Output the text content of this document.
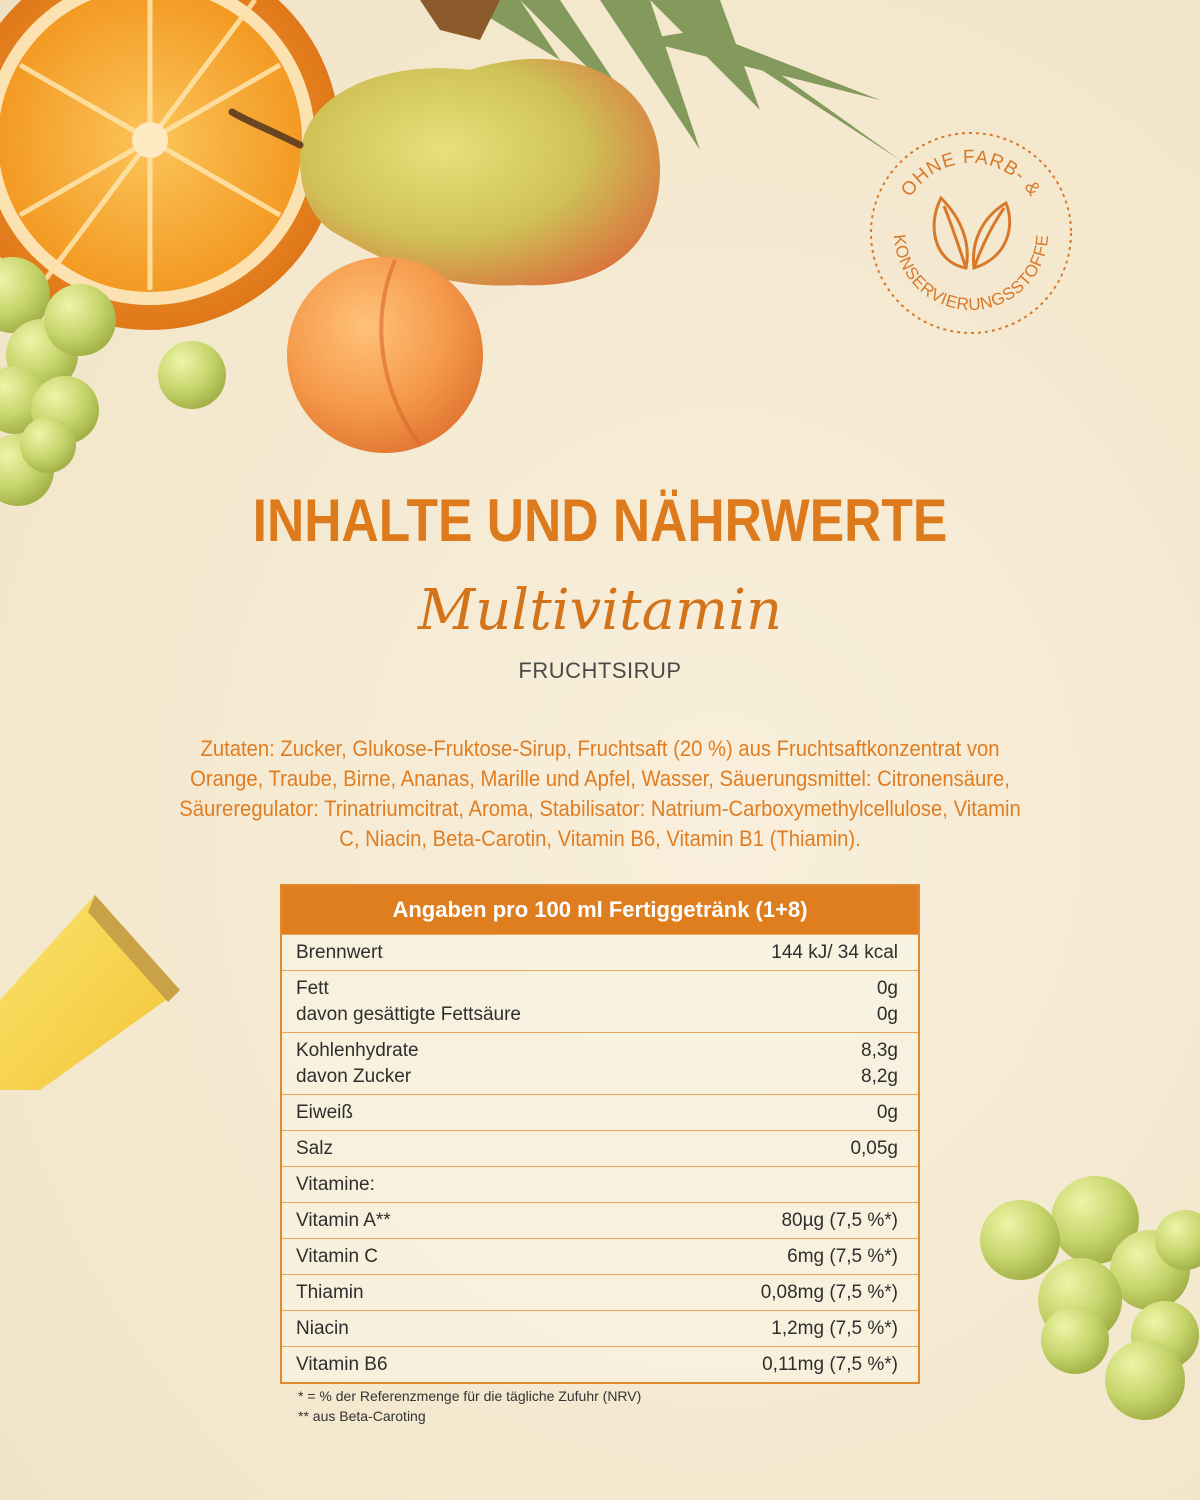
OHNE FARB- &
KONSERVIERUNGSSTOFFE
INHALTE UND NÄHRWERTE
Multivitamin
FRUCHTSIRUP
Zutaten: Zucker, Glukose-Fruktose-Sirup, Fruchtsaft (20 %) aus Fruchtsaftkonzentrat von Orange, Traube, Birne, Ananas, Marille und Apfel, Wasser, Säuerungsmittel: Citronensäure, Säureregulator: Trinatriumcitrat, Aroma, Stabilisator: Natrium-Carboxymethylcellulose, Vitamin C, Niacin, Beta-Carotin, Vitamin B6, Vitamin B1 (Thiamin).
Angaben pro 100 ml Fertiggetränk (1+8)
Brennwert	144 kJ/ 34 kcal
Fett	0g
davon gesättigte Fettsäure	0g
Kohlenhydrate	8,3g
davon Zucker	8,2g
Eiweiß	0g
Salz	0,05g
Vitamine:
Vitamin A**	80µg (7,5 %*)
Vitamin C	6mg (7,5 %*)
Thiamin	0,08mg (7,5 %*)
Niacin	1,2mg (7,5 %*)
Vitamin B6	0,11mg (7,5 %*)
* = % der Referenzmenge für die tägliche Zufuhr (NRV)
** aus Beta-Caroting
